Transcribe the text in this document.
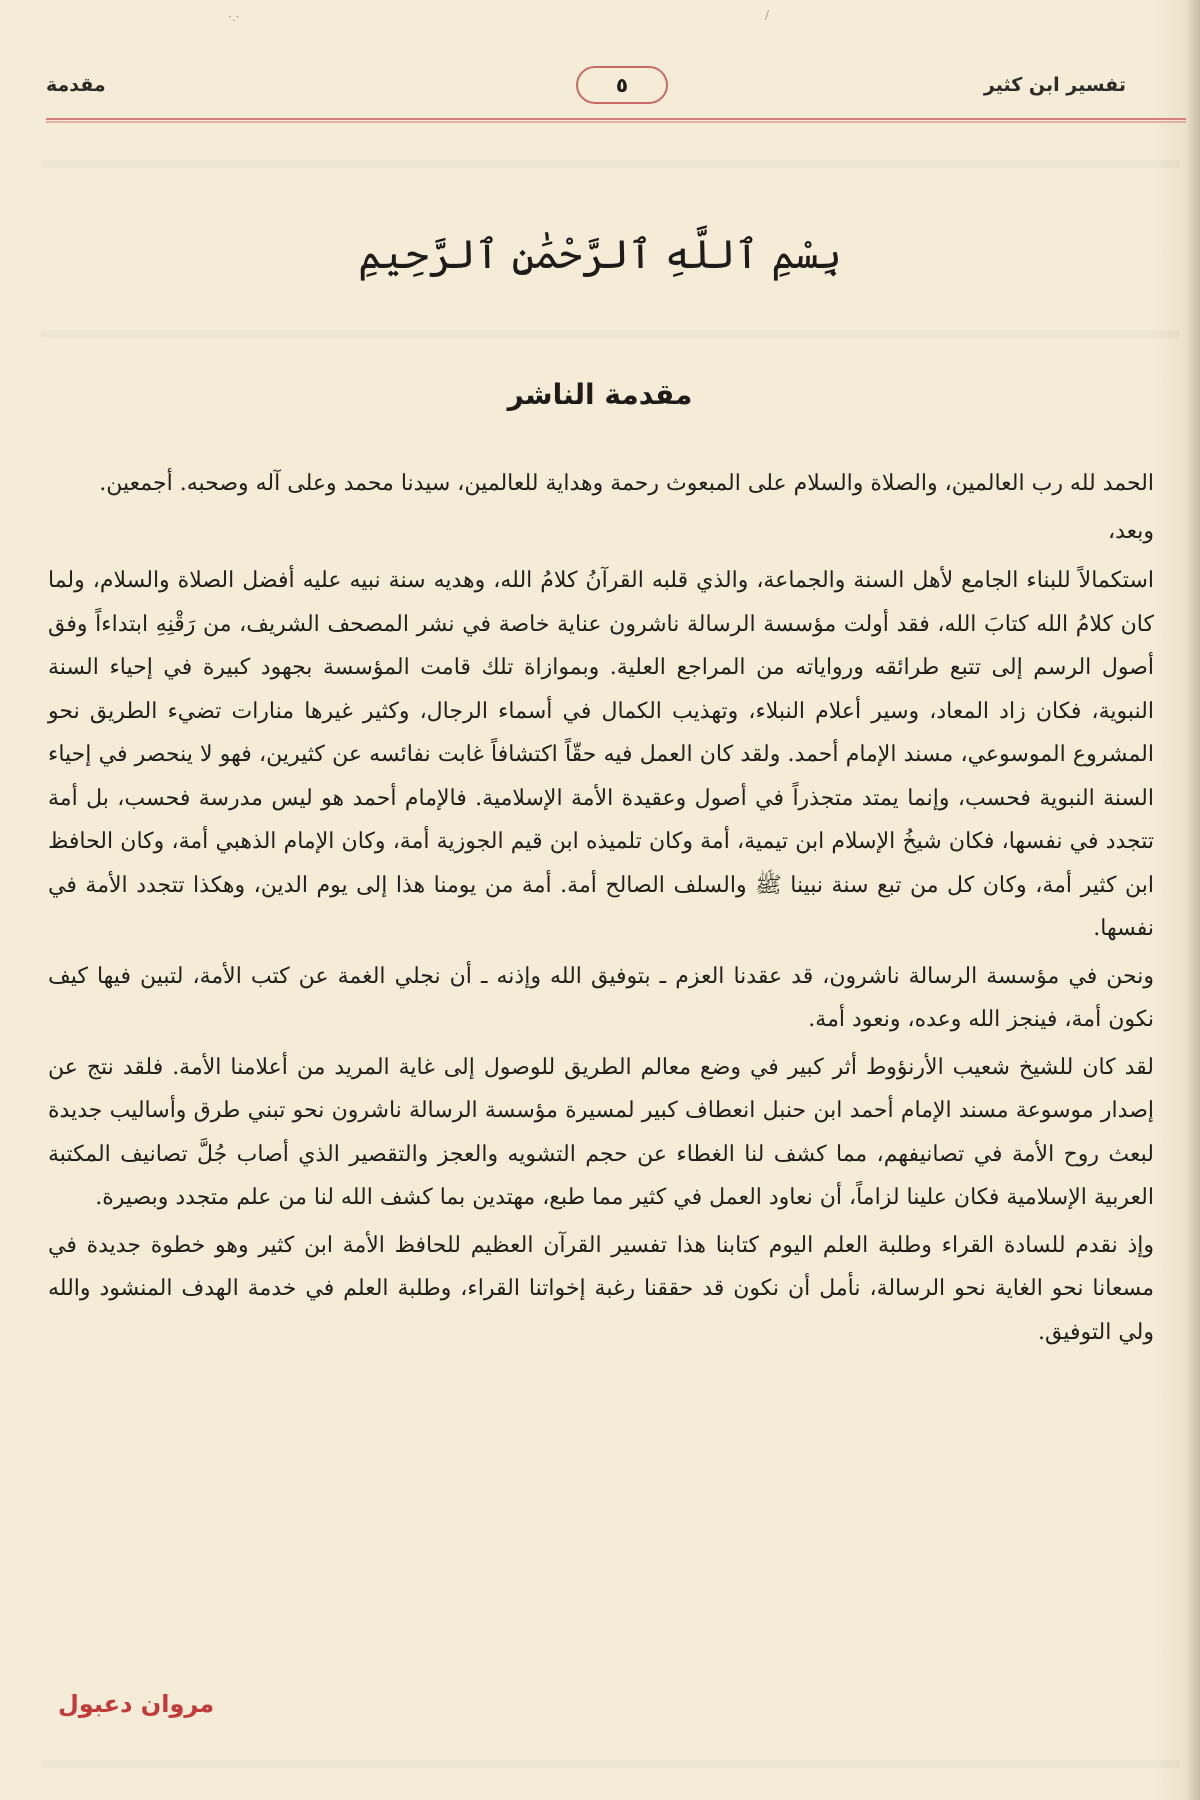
·.·	/
تفسير ابن كثير
٥
مقدمة
بِسْمِ ٱللَّهِ ٱلرَّحْمَٰنِ ٱلرَّحِيمِ
مقدمة الناشر

الحمد لله رب العالمين، والصلاة والسلام على المبعوث رحمة وهداية للعالمين، سيدنا محمد وعلى آله وصحبه. أجمعين.

وبعد،

استكمالاً للبناء الجامع لأهل السنة والجماعة، والذي قلبه القرآنُ كلامُ الله، وهديه سنة نبيه عليه أفضل الصلاة والسلام، ولما كان كلامُ الله كتابَ الله، فقد أولت مؤسسة الرسالة ناشرون عناية خاصة في نشر المصحف الشريف، من رَقْنِهِ ابتداءاً وفق أصول الرسم إلى تتبع طرائقه ورواياته من المراجع العلية. وبموازاة تلك قامت المؤسسة بجهود كبيرة في إحياء السنة النبوية، فكان زاد المعاد، وسير أعلام النبلاء، وتهذيب الكمال في أسماء الرجال، وكثير غيرها منارات تضيء الطريق نحو المشروع الموسوعي، مسند الإمام أحمد. ولقد كان العمل فيه حقّاً اكتشافاً غابت نفائسه عن كثيرين، فهو لا ينحصر في إحياء السنة النبوية فحسب، وإنما يمتد متجذراً في أصول وعقيدة الأمة الإسلامية. فالإمام أحمد هو ليس مدرسة فحسب، بل أمة تتجدد في نفسها، فكان شيخُ الإسلام ابن تيمية، أمة وكان تلميذه ابن قيم الجوزية أمة، وكان الإمام الذهبي أمة، وكان الحافظ ابن كثير أمة، وكان كل من تبع سنة نبينا ﷺ والسلف الصالح أمة. أمة من يومنا هذا إلى يوم الدين، وهكذا تتجدد الأمة في نفسها.

ونحن في مؤسسة الرسالة ناشرون، قد عقدنا العزم ـ بتوفيق الله وإذنه ـ أن نجلي الغمة عن كتب الأمة، لتبين فيها كيف نكون أمة، فينجز الله وعده، ونعود أمة.

لقد كان للشيخ شعيب الأرنؤوط أثر كبير في وضع معالم الطريق للوصول إلى غاية المريد من أعلامنا الأمة. فلقد نتج عن إصدار موسوعة مسند الإمام أحمد ابن حنبل انعطاف كبير لمسيرة مؤسسة الرسالة ناشرون نحو تبني طرق وأساليب جديدة لبعث روح الأمة في تصانيفهم، مما كشف لنا الغطاء عن حجم التشويه والعجز والتقصير الذي أصاب جُلَّ تصانيف المكتبة العربية الإسلامية فكان علينا لزاماً، أن نعاود العمل في كثير مما طبع، مهتدين بما كشف الله لنا من علم متجدد وبصيرة.

وإذ نقدم للسادة القراء وطلبة العلم اليوم كتابنا هذا تفسير القرآن العظيم للحافظ الأمة ابن كثير وهو خطوة جديدة في مسعانا نحو الغاية نحو الرسالة، نأمل أن نكون قد حققنا رغبة إخواتنا القراء، وطلبة العلم في خدمة الهدف المنشود والله ولي التوفيق.

مروان دعبول
